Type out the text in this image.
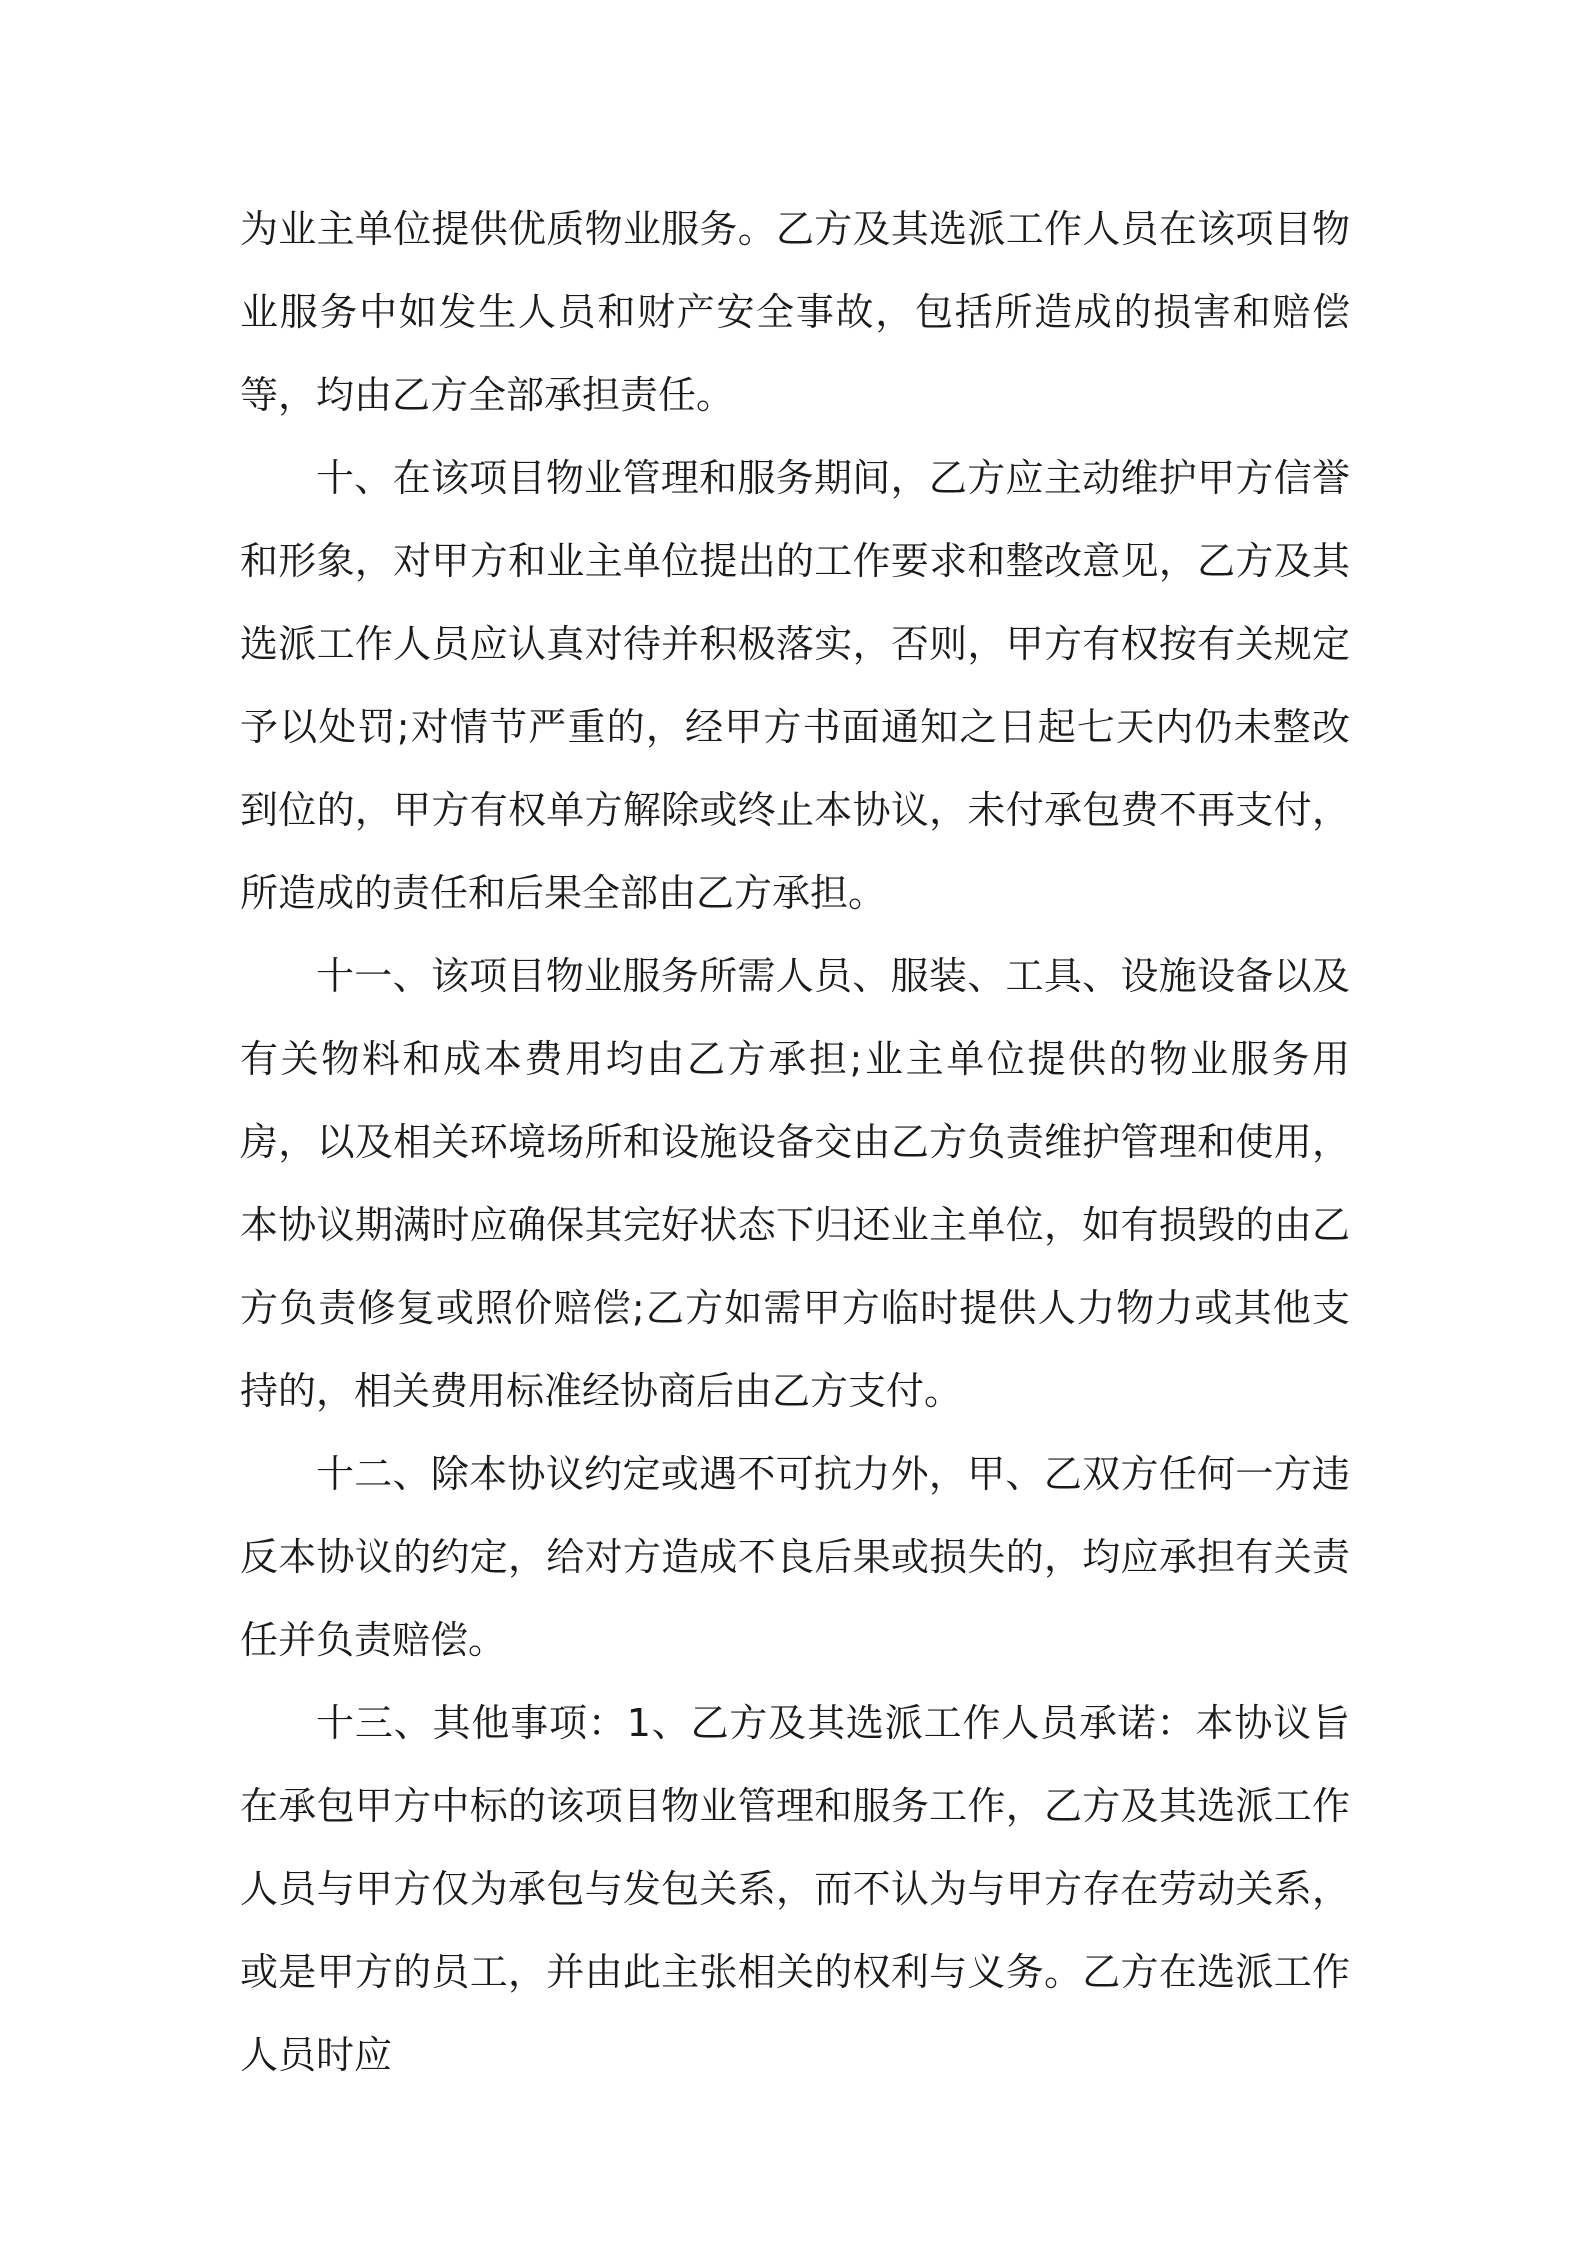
为业主单位提供优质物业服务。乙方及其选派工作人员在该项目物业服务中如发生人员和财产安全事故，包括所造成的损害和赔偿等，均由乙方全部承担责任。

十、在该项目物业管理和服务期间，乙方应主动维护甲方信誉和形象，对甲方和业主单位提出的工作要求和整改意见，乙方及其选派工作人员应认真对待并积极落实，否则，甲方有权按有关规定予以处罚;对情节严重的，经甲方书面通知之日起七天内仍未整改到位的，甲方有权单方解除或终止本协议，未付承包费不再支付，所造成的责任和后果全部由乙方承担。

十一、该项目物业服务所需人员、服装、工具、设施设备以及有关物料和成本费用均由乙方承担;业主单位提供的物业服务用房，以及相关环境场所和设施设备交由乙方负责维护管理和使用，本协议期满时应确保其完好状态下归还业主单位，如有损毁的由乙方负责修复或照价赔偿;乙方如需甲方临时提供人力物力或其他支持的，相关费用标准经协商后由乙方支付。

十二、除本协议约定或遇不可抗力外，甲、乙双方任何一方违反本协议的约定，给对方造成不良后果或损失的，均应承担有关责任并负责赔偿。

十三、其他事项：1、乙方及其选派工作人员承诺：本协议旨在承包甲方中标的该项目物业管理和服务工作，乙方及其选派工作人员与甲方仅为承包与发包关系，而不认为与甲方存在劳动关系，或是甲方的员工，并由此主张相关的权利与义务。乙方在选派工作人员时应
